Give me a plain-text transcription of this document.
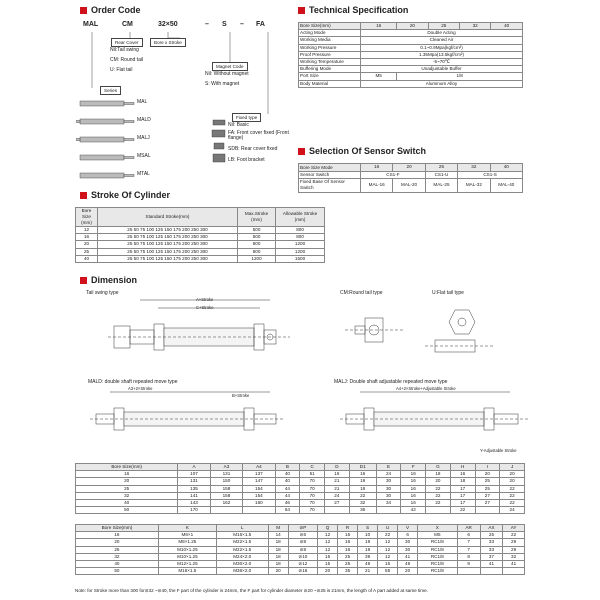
Order Code
MAL	CM	32×50	– S – FA
Rear Cover	Bore x Stroke
Nil:Tail swing
CM: Round tail
U: Flat tail
Magnet Code
Nil: Without magnet
S: With magnet
Fixed type
Nil: Basic
FA: Front cover fixed (Front flange)
SDB: Rear cover fixed
LB: Foot bracket
Series
MAL
MALD
MALJ
MSAL
MTAL
Technical Specification
Bore Size(mm)	16	20	25	32	40
Acting Mode	Double Acting				
Working Media	Cleaned Air				
Working Pressure	0.1~0.9Mpa(kgf/cm²)				
Proof Pressure	1.35Mpa(13.5kgf/cm²)				
Working Temperature	-5~70℃				
Buffering Mode	Unadjustable Buffer				
Port Size	M5	1/8			
Body Material	Aluminum Alloy				
Selection Of Sensor Switch
Bore Size Mode	16	20	25	32	40
Sensor Switch	CS1-F		CS1-U	CS1-S	
Fixed Base Of Sensor Switch	MAL-16	MAL-20	MAL-25	MAL-32	MAL-40
Stroke Of Cylinder
Bore Size (mm)	Standard Stroke(mm)	Max.Stroke (mm)	Allowable Stroke (mm)
12	25 50 75 100 125 150 175 200 250 300	500	800
16	25 50 75 100 125 150 175 200 250 300	500	800
20	25 50 75 100 125 150 175 200 250 300	800	1200
25	25 50 75 100 125 150 175 200 250 300	800	1200
40	25 50 75 100 125 150 175 200 250 300	1200	1500
Dimension
Tail swing type	CM:Round tail type	U:Flat tail type
A+Stroke
C+Stroke
MALD: double shaft repeated move type	MALJ: Double shaft adjustable repeated move type
A3+2×Stroke
B+Stroke
A4+2×Stroke+Adjustable Stroke
Y-Adjustable Stroke
Bore Size(mm)	A	A3	A4	B	C	D	D1	E	F	G	H	I	J
16	107	131	137	40	51	16	16	24	16	18	16	20	20
20	131	150	147	40	70	21	19	30	16	20	18	25	20
25	135	158	154	44	70	21	18	30	16	22	17	25	22
32	141	158	154	44	70	24	22	30	16	22	17	27	22
40	143	162	160	46	70	27	32	34	16	22	17	27	22
50	170			64	70		36		42		22		24
Bore Size(mm)	K	L	M	⊘P	Q	R	S	U	V	X	AR	AX	AY
16	M6×1	M16×1.5	14	⊘6	12	16	10	22	6	M5	6	25	22
20	M8×1.25	M22×1.5	18	⊘8	12	16	19	12	30	RC1/8	7	33	29
25	M10×1.25	M22×1.5	18	⊘8	12	16	19	12	30	RC1/8	7	33	29
32	M10×1.25	M24×2.0	18	⊘10	15	25	39	12	41	RC1/8	8	37	32
40	M12×1.25	M30×2.0	18	⊘12	15	25	49	16	49	RC1/8	9	41	41
50	M16×1.5	M36×2.0	20	⊘16	20	35	21	55	20	RC1/8			
Note: for Stroke more than 300 for⊘32 ~⊘40, the F part of the cylinder is 24mm, the F part for cylinder diameter ⊘20 ~⊘25 is 21mm, the length of A part added at same time.
